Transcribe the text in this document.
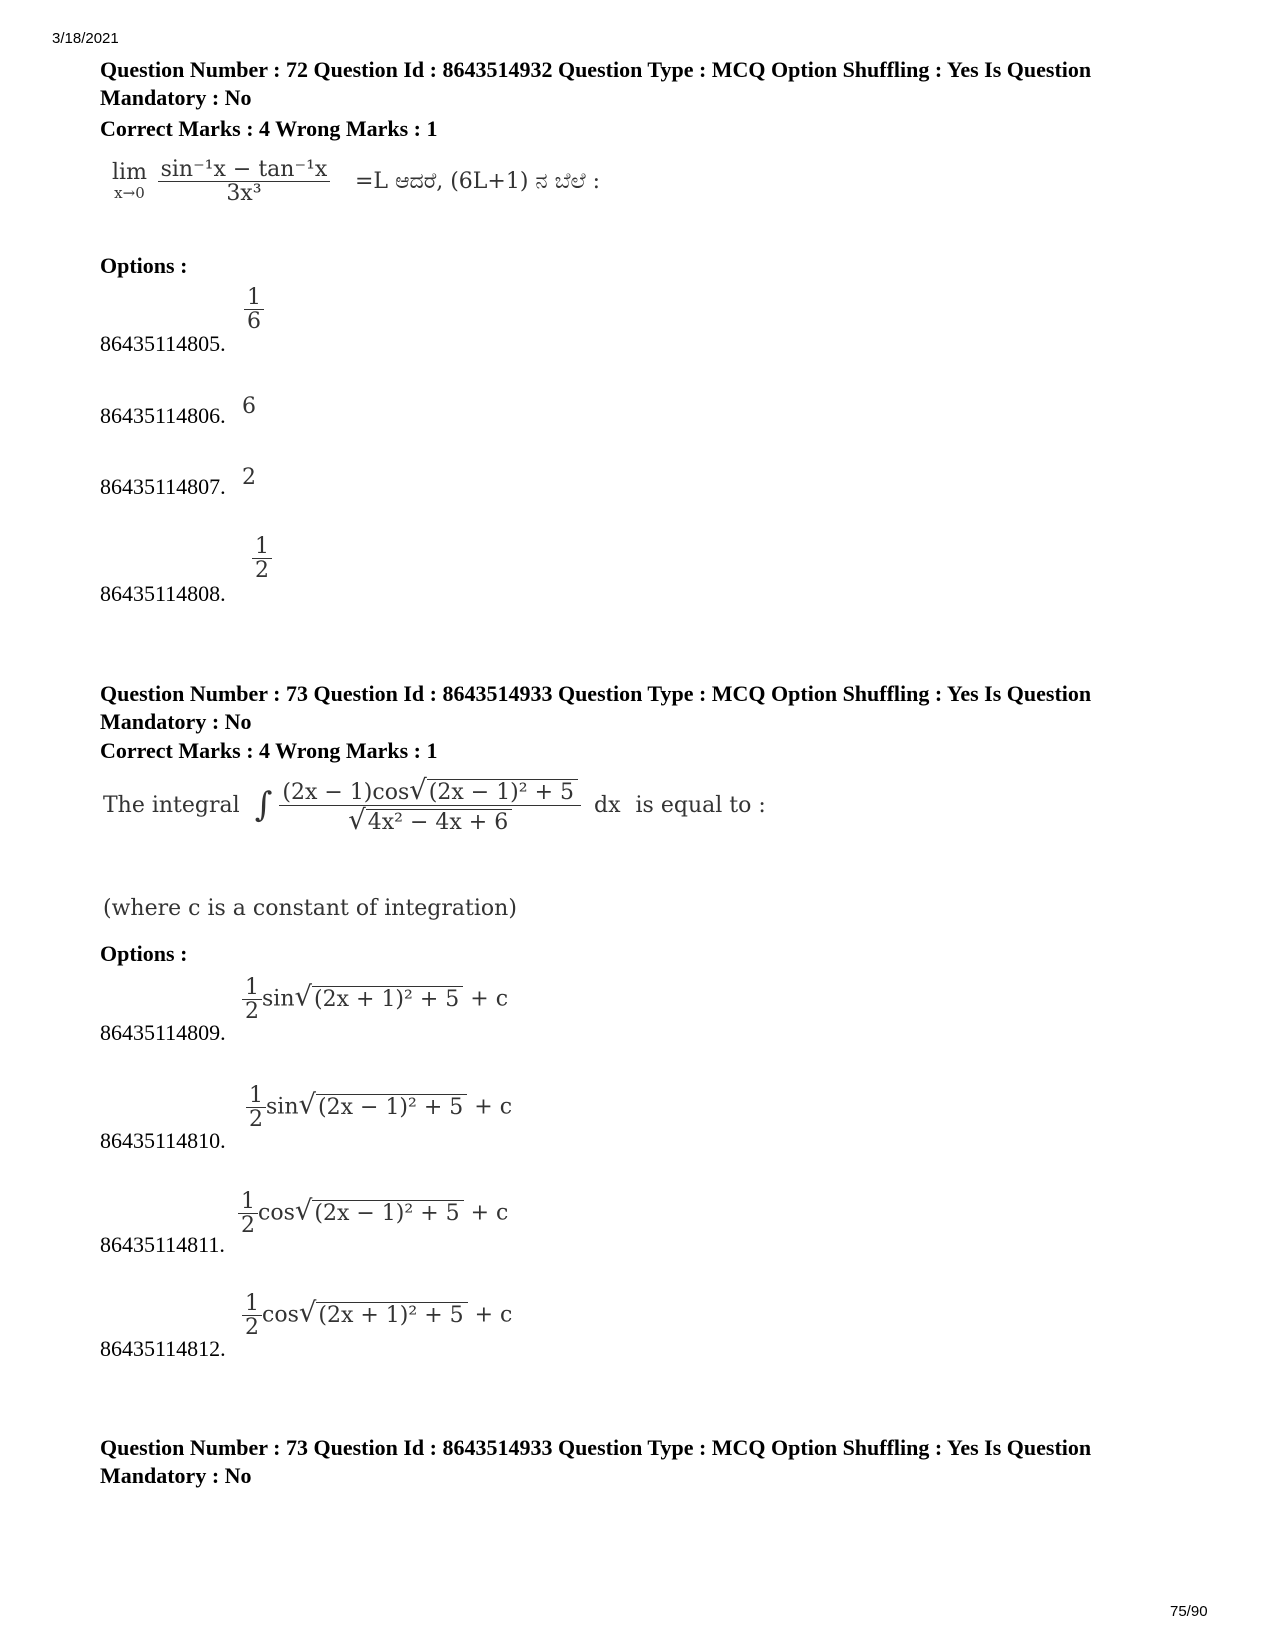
3/18/2021
Question Number : 72 Question Id : 8643514932 Question Type : MCQ Option Shuffling : Yes Is Question Mandatory : No
Correct Marks : 4 Wrong Marks : 1
lim
x→0
$\frac{\text{sin⁻¹x − tan⁻¹x}}{\text{3x³}} =L$ ಆದರೆ, (6L+1) ನ ಬೆಲೆ :
Options :
86435114805.
$\frac{1}{6}$
86435114806. 6
86435114807. 2
86435114808.
$\frac{1}{2}$
Question Number : 73 Question Id : 8643514933 Question Type : MCQ Option Shuffling : Yes Is Question Mandatory : No
Correct Marks : 4 Wrong Marks : 1
The integral ∫ $\frac{\text{(2x − 1)cos√(2x − 1)² + 5}}{\text{√4x² − 4x + 6}}$ dx is equal to :
(where c is a constant of integration)
Options :
86435114809.
$\frac{1}{2} \sin√(2x + 1)^2 + 5 + c$
86435114810.
$\frac{1}{2} \sin√(2x - 1)^2 + 5 + c$
86435114811.
$\frac{1}{2} \cos√(2x - 1)^2 + 5 + c$
86435114812.
$\frac{1}{2} \cos√(2x + 1)^2 + 5 + c$
Question Number : 73 Question Id : 8643514933 Question Type : MCQ Option Shuffling : Yes Is Question Mandatory : No
75/90
